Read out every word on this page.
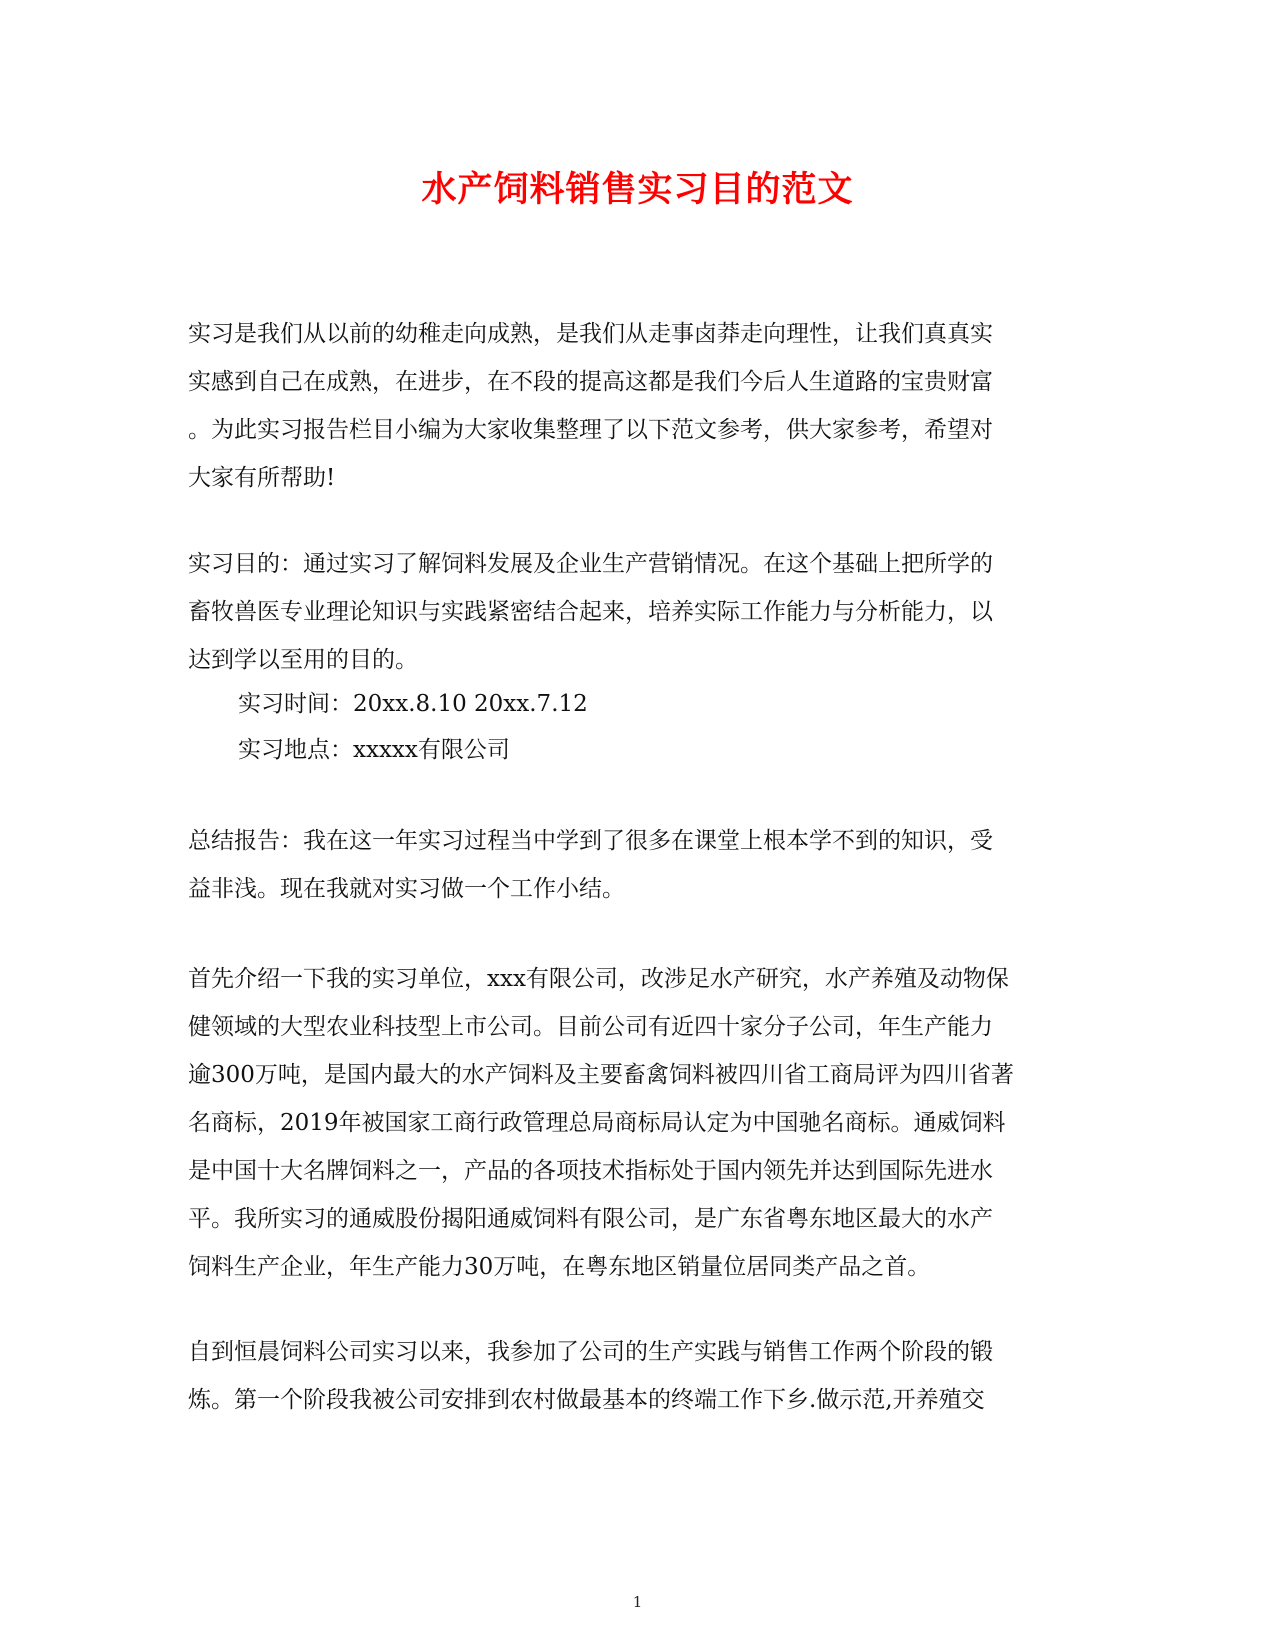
水产饲料销售实习目的范文

实习是我们从以前的幼稚走向成熟，是我们从走事卤莽走向理性，让我们真真实
实感到自己在成熟，在进步，在不段的提高这都是我们今后人生道路的宝贵财富
。为此实习报告栏目小编为大家收集整理了以下范文参考，供大家参考，希望对
大家有所帮助!

实习目的：通过实习了解饲料发展及企业生产营销情况。在这个基础上把所学的
畜牧兽医专业理论知识与实践紧密结合起来，培养实际工作能力与分析能力，以
达到学以至用的目的。

实习时间：20xx.8.10 20xx.7.12

实习地点：xxxxx有限公司

总结报告：我在这一年实习过程当中学到了很多在课堂上根本学不到的知识，受
益非浅。现在我就对实习做一个工作小结。

首先介绍一下我的实习单位，xxx有限公司，改涉足水产研究，水产养殖及动物保
健领域的大型农业科技型上市公司。目前公司有近四十家分子公司，年生产能力
逾300万吨，是国内最大的水产饲料及主要畜禽饲料被四川省工商局评为四川省著
名商标，2019年被国家工商行政管理总局商标局认定为中国驰名商标。通威饲料
是中国十大名牌饲料之一，产品的各项技术指标处于国内领先并达到国际先进水
平。我所实习的通威股份揭阳通威饲料有限公司，是广东省粤东地区最大的水产
饲料生产企业，年生产能力30万吨，在粤东地区销量位居同类产品之首。

自到恒晨饲料公司实习以来，我参加了公司的生产实践与销售工作两个阶段的锻
炼。第一个阶段我被公司安排到农村做最基本的终端工作下乡.做示范,开养殖交

1
